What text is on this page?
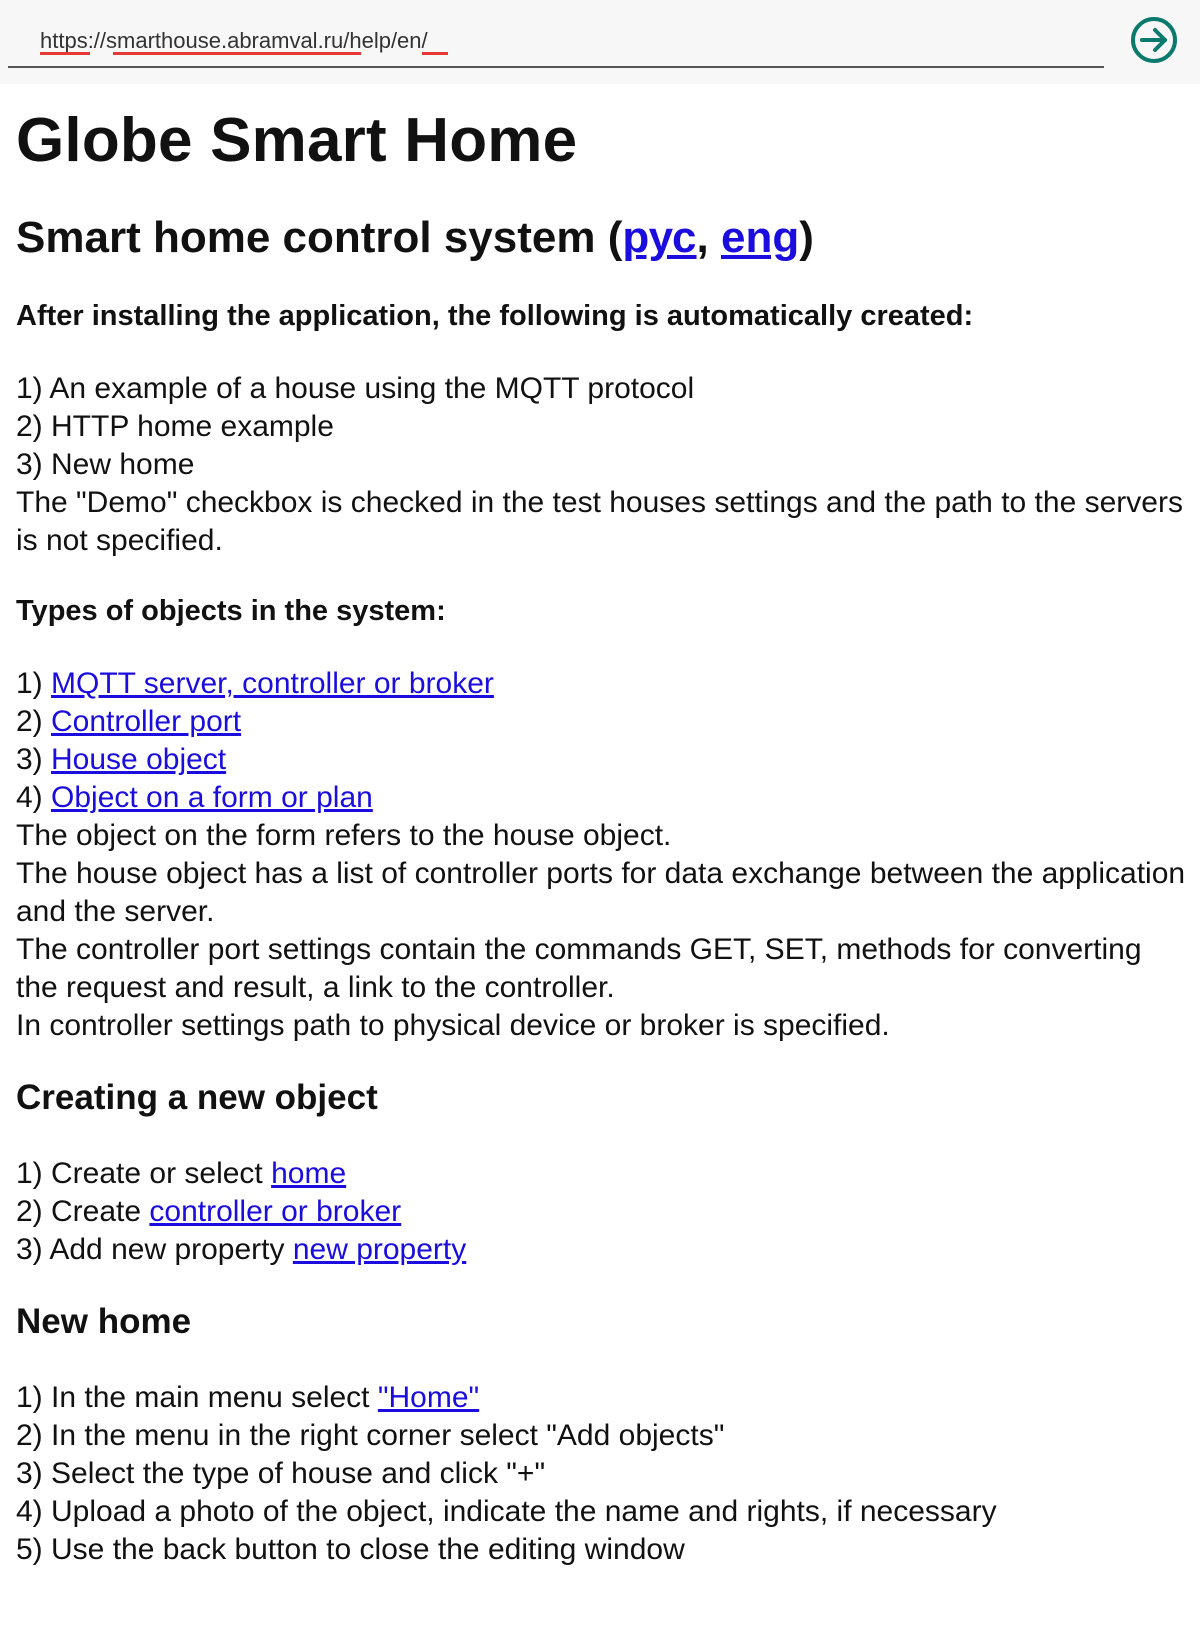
https://smarthouse.abramval.ru/help/en/
Globe Smart Home
Smart home control system (рус, eng)
After installing the application, the following is automatically created:
1) An example of a house using the MQTT protocol
2) HTTP home example
3) New home
The "Demo" checkbox is checked in the test houses settings and the path to the servers is not specified.
Types of objects in the system:
1) MQTT server, controller or broker
2) Controller port
3) House object
4) Object on a form or plan
The object on the form refers to the house object.
The house object has a list of controller ports for data exchange between the application and the server.
The controller port settings contain the commands GET, SET, methods for converting the request and result, a link to the controller.
In controller settings path to physical device or broker is specified.
Creating a new object
1) Create or select home
2) Create controller or broker
3) Add new property new property
New home
1) In the main menu select "Home"
2) In the menu in the right corner select "Add objects"
3) Select the type of house and click "+"
4) Upload a photo of the object, indicate the name and rights, if necessary
5) Use the back button to close the editing window
